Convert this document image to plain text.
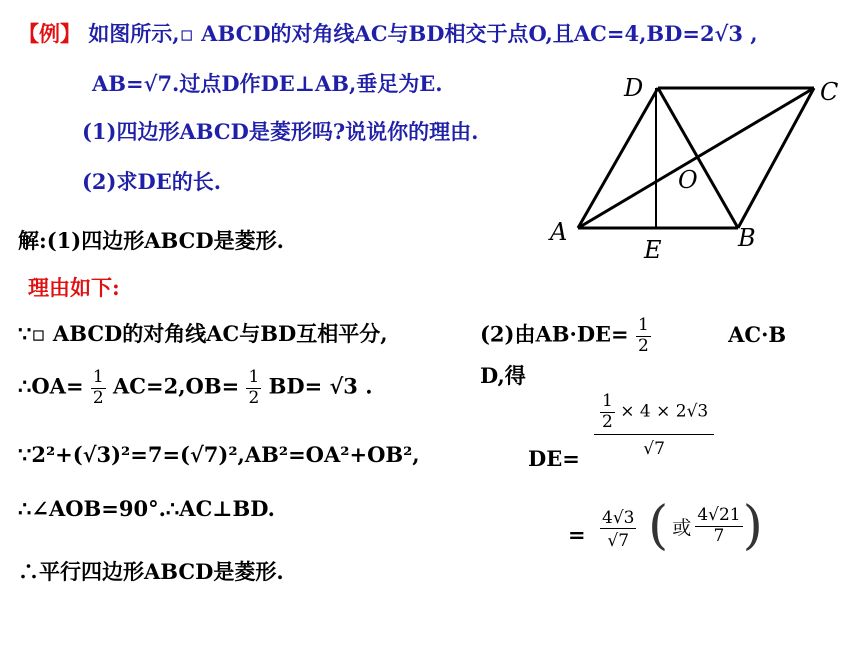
【例】 如图所示,▫ ABCD的对角线AC与BD相交于点O,且AC=4,BD=2√3 ,
AB=√7.过点D作DE⊥AB,垂足为E.
(1)四边形ABCD是菱形吗?说说你的理由.
(2)求DE的长.
解:(1)四边形ABCD是菱形.
理由如下:
∵▫ ABCD的对角线AC与BD互相平分,
∴OA= $\frac{1}{2} AC=2,OB= \frac{1}{2} BD= √3$ .
∵2²+(√3)²=7=(√7)²,AB²=OA²+OB²,
∴∠AOB=90°.∴AC⊥BD.
∴平行四边形ABCD是菱形.
(2)由$AB\cdot DE= \frac{1}{2}$	AC·B
D,得
DE=
$\frac{1}{2} \times 4 \times 2√3$
√7
=
4√3
√7 ( 或 $\frac{4√21}{7}$ )
D	C
O
A
E	B
